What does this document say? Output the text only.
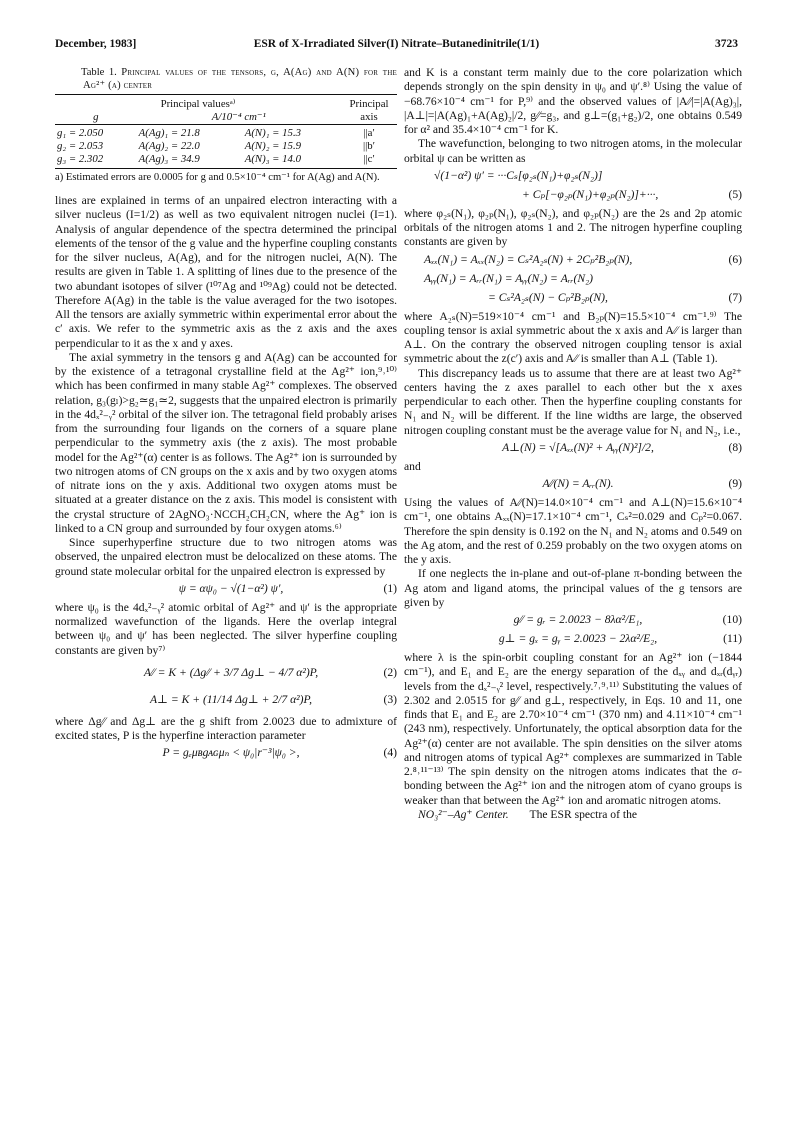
December, 1983]	ESR of X-Irradiated Silver(I) Nitrate–Butanedinitrile(1/1)	3723
Table 1. Principal values of the tensors, g, A(Ag) and A(N) for the Ag²⁺ (α) center
Principal valuesᵃ⁾			Principal axis
g	A/10⁻⁴ cm⁻¹		
g₁ = 2.050	A(Ag)₁ = 21.8	A(N)₁ = 15.3	||a′
g₂ = 2.053	A(Ag)₂ = 22.0	A(N)₂ = 15.9	||b′
g₃ = 2.302	A(Ag)₃ = 34.9	A(N)₃ = 14.0	||c′

a) Estimated errors are 0.0005 for g and 0.5×10⁻⁴ cm⁻¹ for A(Ag) and A(N).

lines are explained in terms of an unpaired electron interacting with a silver nucleus (I=1/2) as well as two equivalent nitrogen nuclei (I=1). Analysis of angular dependence of the spectra determined the principal elements of the tensor of the g value and the hyperfine coupling constants for the silver nucleus, A(Ag), and for the nitrogen nuclei, A(N). The results are given in Table 1. A splitting of lines due to the presence of the two abundant isotopes of silver (¹⁰⁷Ag and ¹⁰⁹Ag) could not be detected. Therefore A(Ag) in the table is the value averaged for the two isotopes. All the tensors are axially symmetric within experimental error about the c′ axis. We refer to the symmetric axis as the z axis and the axes perpendicular to it as the x and y axes.

The axial symmetry in the tensors g and A(Ag) can be accounted for by the existence of a tetragonal crystalline field at the Ag²⁺ ion,⁹˒¹⁰⁾ which has been confirmed in many stable Ag²⁺ complexes. The observed relation, g₃(gₗ)>g₂≃g₁≃2, suggests that the unpaired electron is primarily in the 4dₓ²₋ᵧ² orbital of the silver ion. The tetragonal field probably arises from the surrounding four ligands on the corners of a square plane perpendicular to the symmetry axis (the z axis). The most probable model for the Ag²⁺(α) center is as follows. The Ag²⁺ ion is surrounded by two nitrogen atoms of CN groups on the x axis and by two oxygen atoms of nitrate ions on the y axis. Additional two oxygen atoms must be situated at a greater distance on the z axis. This model is consistent with the crystal structure of 2AgNO₃·NCCH₂CH₂CN, where the Ag⁺ ion is linked to a CN group and surrounded by four oxygen atoms.⁶⁾

Since superhyperfine structure due to two nitrogen atoms was observed, the unpaired electron must be delocalized on these atoms. The ground state molecular orbital for the unpaired electron is expressed by

ψ = αψ₀ − √(1−α²) ψ′,	(1)

where ψ₀ is the 4dₓ²₋ᵧ² atomic orbital of Ag²⁺ and ψ′ is the appropriate normalized wavefunction of the ligands. Here the overlap integral between ψ₀ and ψ′ has been neglected. The silver hyperfine coupling constants are given by⁷⁾

A∕∕ = K + (Δg∕∕ + 3/7 Δg⊥ − 4/7 α²)P,	(2)
A⊥ = K + (11/14 Δg⊥ + 2/7 α²)P,	(3)

where Δg∕∕ and Δg⊥ are the g shift from 2.0023 due to admixture of excited states, P is the hyperfine interaction parameter

P = gₑμʙgᴀɢμₙ < ψ₀|r⁻³|ψ₀ >,	(4)

and K is a constant term mainly due to the core polarization which depends strongly on the spin density in ψ₀ and ψ′.⁸⁾ Using the value of −68.76×10⁻⁴ cm⁻¹ for P,⁹⁾ and the observed values of |A∕∕|=|A(Ag)₃|, |A⊥|=|A(Ag)₁+A(Ag)₂|/2, g∕∕=g₃, and g⊥=(g₁+g₂)/2, one obtains 0.549 for α² and 35.4×10⁻⁴ cm⁻¹ for K.

The wavefunction, belonging to two nitrogen atoms, in the molecular orbital ψ can be written as

√(1−α²) ψ′ = ···Cₛ[φ₂ₛ(N₁)+φ₂ₛ(N₂)]
+ Cₚ[−φ₂ₚ(N₁)+φ₂ₚ(N₂)]+···,	(5)

where φ₂ₛ(N₁), φ₂ₚ(N₁), φ₂ₛ(N₂), and φ₂ₚ(N₂) are the 2s and 2p atomic orbitals of the nitrogen atoms 1 and 2. The nitrogen hyperfine coupling constants are given by

Aₓₓ(N₁) = Aₓₓ(N₂) = Cₛ²A₂ₛ(N) + 2Cₚ²B₂ₚ(N),	(6)
Aᵧᵧ(N₁) = Aᵣᵣ(N₁) = Aᵧᵧ(N₂) = Aᵣᵣ(N₂)
= Cₛ²A₂ₛ(N) − Cₚ²B₂ₚ(N),	(7)

where A₂ₛ(N)=519×10⁻⁴ cm⁻¹ and B₂ₚ(N)=15.5×10⁻⁴ cm⁻¹.⁹⁾ The coupling tensor is axial symmetric about the x axis and A∕∕ is larger than A⊥. On the contrary the observed nitrogen coupling tensor is axial symmetric about the z(c′) axis and A∕∕ is smaller than A⊥ (Table 1).

This discrepancy leads us to assume that there are at least two Ag²⁺ centers having the z axes parallel to each other but the x axes perpendicular to each other. Then the hyperfine coupling constants for N₁ and N₂ will be different. If the line widths are large, the observed nitrogen coupling constant must be the average value for N₁ and N₂, i.e.,

A⊥(N) = √[Aₓₓ(N)² + Aᵧᵧ(N)²]/2,	(8)

and

A∕∕(N) = Aᵣᵣ(N).	(9)

Using the values of A∕∕(N)=14.0×10⁻⁴ cm⁻¹ and A⊥(N)=15.6×10⁻⁴ cm⁻¹, one obtains Aₓₓ(N)=17.1×10⁻⁴ cm⁻¹, Cₛ²=0.029 and Cₚ²=0.067. Therefore the spin density is 0.192 on the N₁ and N₂ atoms and 0.549 on the Ag atom, and the rest of 0.259 probably on the two oxygen atoms on the y axis.

If one neglects the in-plane and out-of-plane π-bonding between the Ag atom and ligand atoms, the principal values of the g tensors are given by

g∕∕ = gᵣ = 2.0023 − 8λα²/E₁,	(10)
g⊥ = gₓ = gᵧ = 2.0023 − 2λα²/E₂,	(11)

where λ is the spin-orbit coupling constant for an Ag²⁺ ion (−1844 cm⁻¹), and E₁ and E₂ are the energy separation of the dₓᵧ and dₓᵣ(dᵧᵣ) levels from the dₓ²₋ᵧ² level, respectively.⁷˒⁹˒¹¹⁾ Substituting the values of 2.302 and 2.0515 for g∕∕ and g⊥, respectively, in Eqs. 10 and 11, one finds that E₁ and E₂ are 2.70×10⁻⁴ cm⁻¹ (370 nm) and 4.11×10⁻⁴ cm⁻¹ (243 nm), respectively. Unfortunately, the optical absorption data for the Ag²⁺(α) center are not available. The spin densities on the silver atoms and nitrogen atoms of typical Ag²⁺ complexes are summarized in Table 2.⁸˒¹¹⁻¹³⁾ The spin density on the nitrogen atoms indicates that the σ-bonding between the Ag²⁺ ion and the nitrogen atom of cyano groups is weaker than that between the Ag²⁺ ion and aromatic nitrogen atoms.

NO₃²⁻–Ag⁺ Center. The ESR spectra of the
